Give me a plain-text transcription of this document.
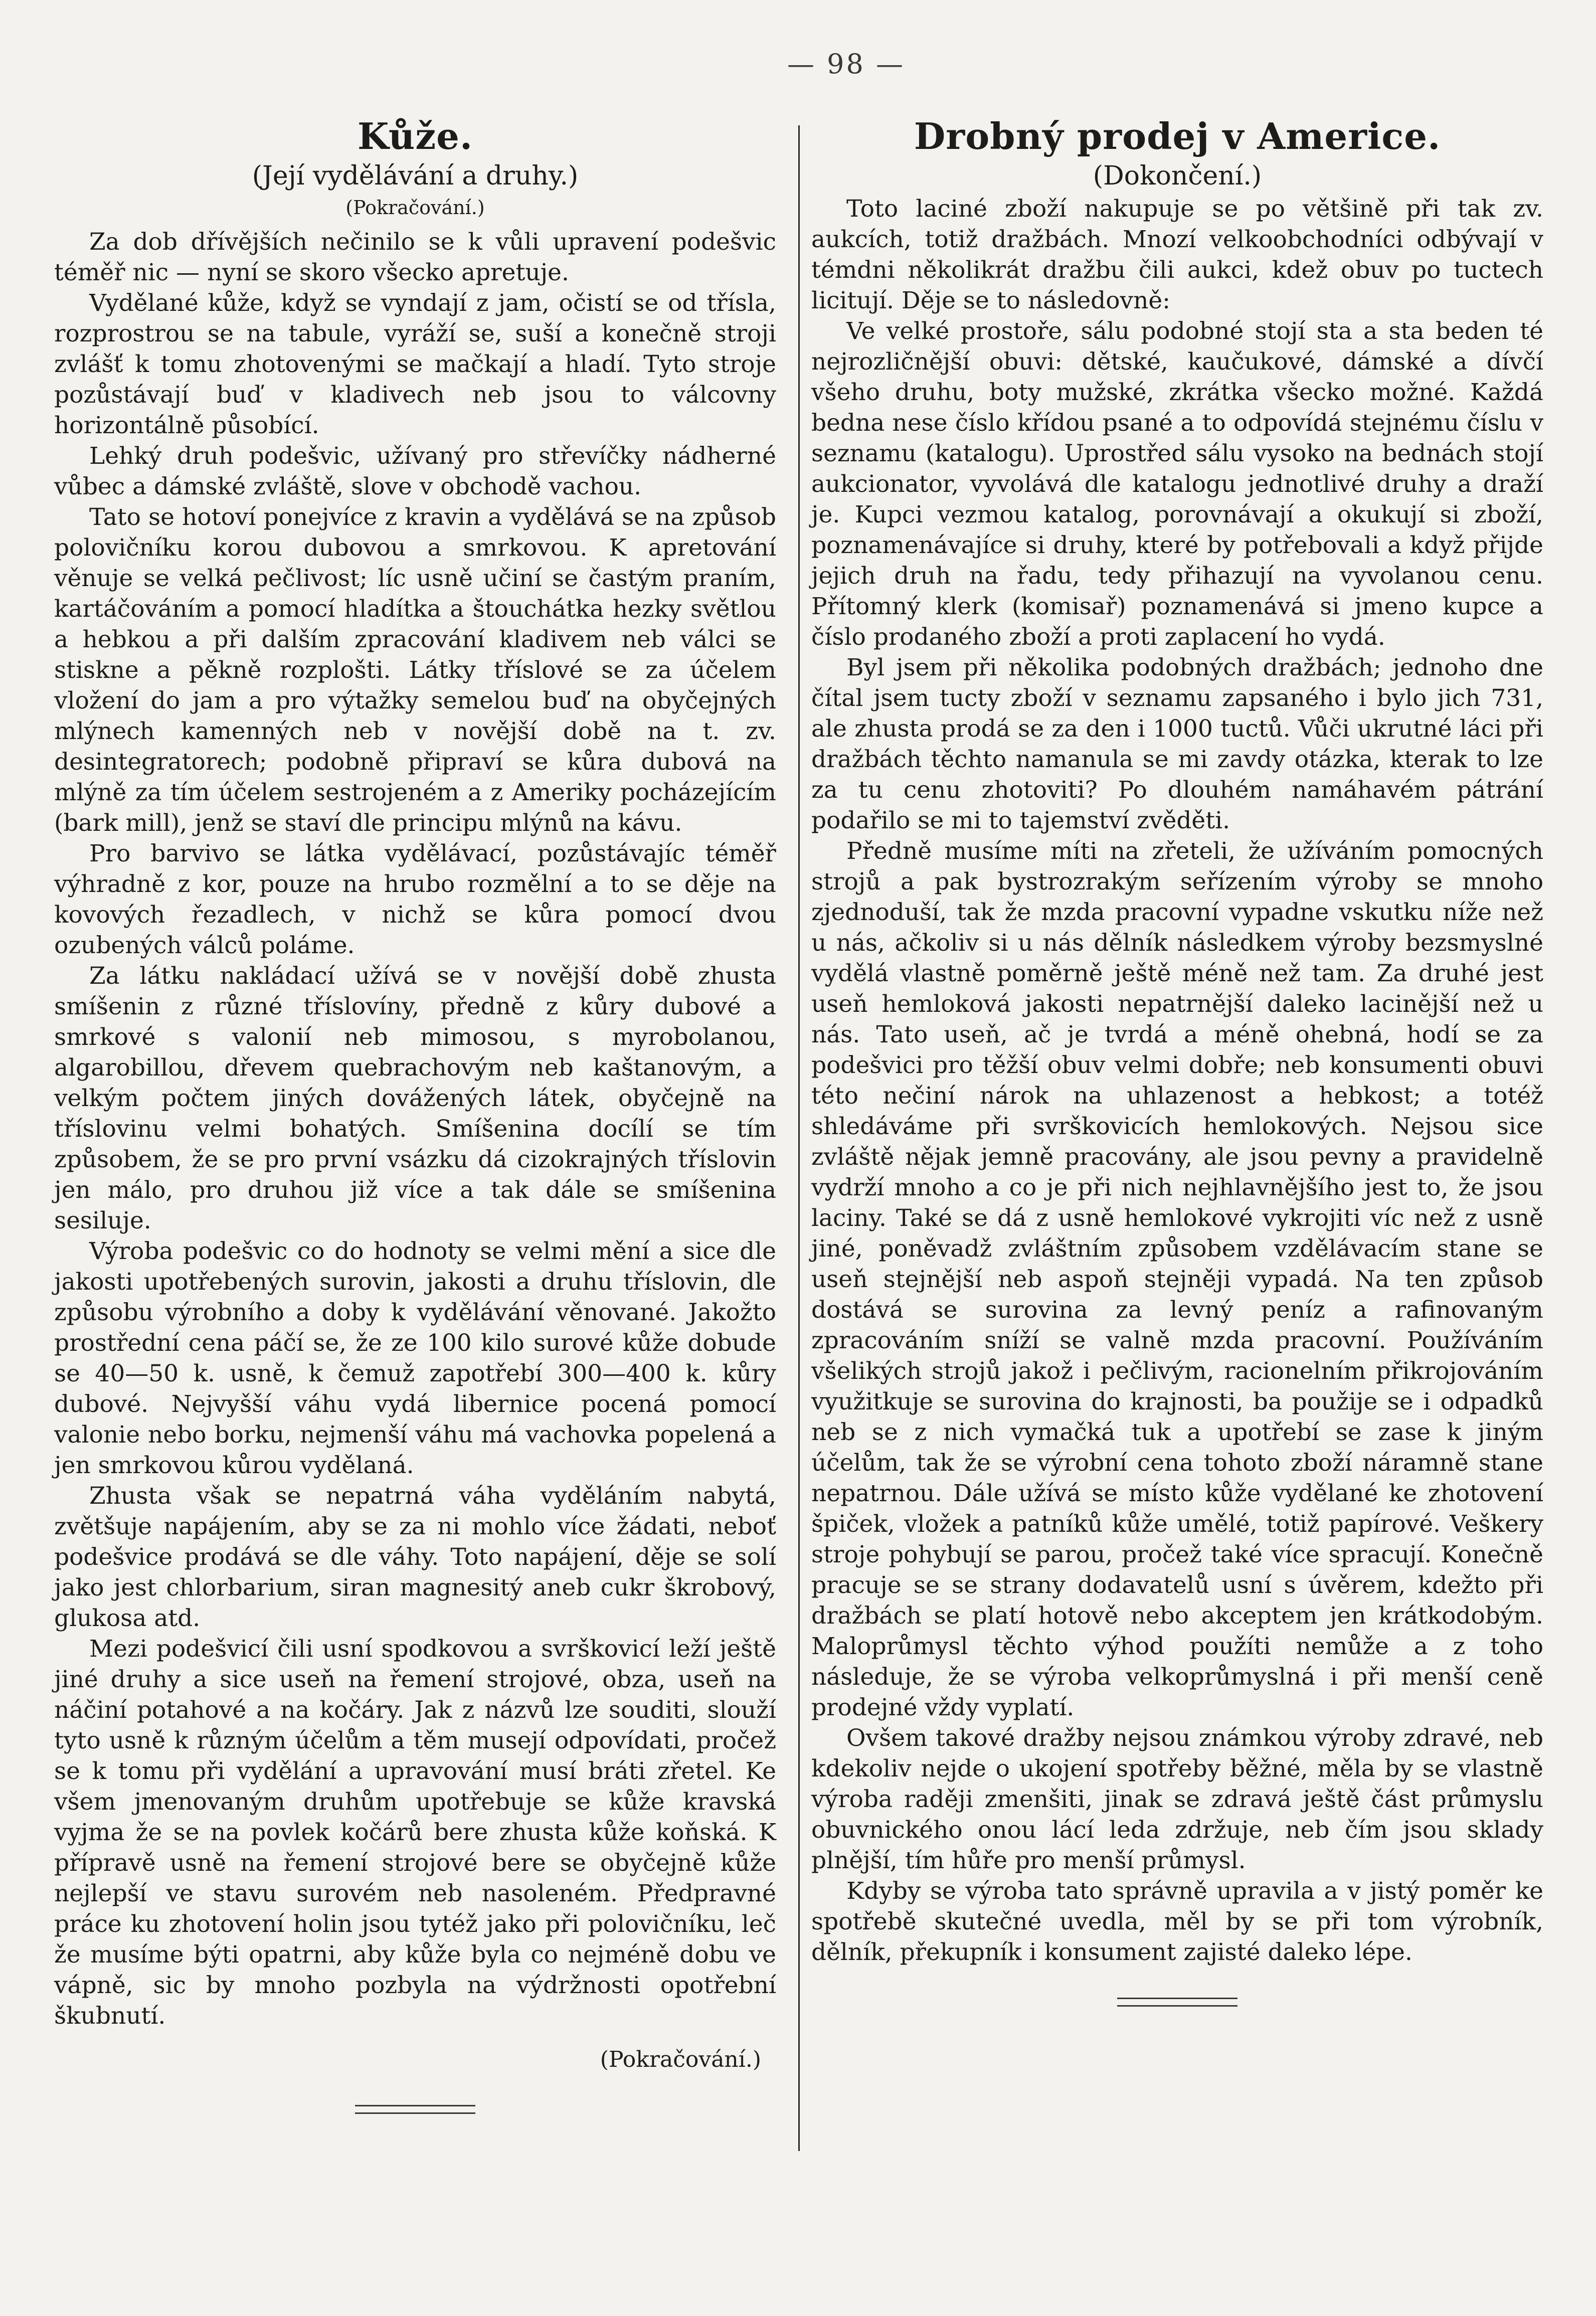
— 98 —
Kůže.
(Její vydělávání a druhy.)
(Pokračování.)

Za dob dřívějších nečinilo se k vůli upravení podešvic téměř nic — nyní se skoro všecko apretuje.

Vydělané kůže, když se vyndají z jam, očistí se od třísla, rozprostrou se na tabule, vyráží se, suší a konečně stroji zvlášť k tomu zhotovenými se mačkají a hladí. Tyto stroje pozůstávají buď v kladivech neb jsou to válcovny horizontálně působící.

Lehký druh podešvic, užívaný pro střevíčky nádherné vůbec a dámské zvláště, slove v obchodě vachou.

Tato se hotoví ponejvíce z kravin a vydělává se na způsob polovičníku korou dubovou a smrkovou. K apretování věnuje se velká pečlivost; líc usně učiní se častým praním, kartáčováním a pomocí hladítka a štouchátka hezky světlou a hebkou a při dalším zpracování kladivem neb válci se stiskne a pěkně rozplošti. Látky tříslové se za účelem vložení do jam a pro výtažky semelou buď na obyčejných mlýnech kamenných neb v novější době na t. zv. desintegratorech; podobně připraví se kůra dubová na mlýně za tím účelem sestrojeném a z Ameriky pocházejícím (bark mill), jenž se staví dle principu mlýnů na kávu.

Pro barvivo se látka vydělávací, pozůstávajíc téměř výhradně z kor, pouze na hrubo rozmělní a to se děje na kovových řezadlech, v nichž se kůra pomocí dvou ozubených válců poláme.

Za látku nakládací užívá se v novější době zhusta smíšenin z různé tříslovíny, předně z kůry dubové a smrkové s valonií neb mimosou, s myrobolanou, algarobillou, dřevem quebrachovým neb kaštanovým, a velkým počtem jiných dovážených látek, obyčejně na tříslovinu velmi bohatých. Smíšenina docílí se tím způsobem, že se pro první vsázku dá cizokrajných tříslovin jen málo, pro druhou již více a tak dále se smíšenina sesiluje.

Výroba podešvic co do hodnoty se velmi mění a sice dle jakosti upotřebených surovin, jakosti a druhu tříslovin, dle způsobu výrobního a doby k vydělávání věnované. Jakožto prostřední cena páčí se, že ze 100 kilo surové kůže dobude se 40—50 k. usně, k čemuž zapotřebí 300—400 k. kůry dubové. Nejvyšší váhu vydá libernice pocená pomocí valonie nebo borku, nejmenší váhu má vachovka popelená a jen smrkovou kůrou vydělaná.

Zhusta však se nepatrná váha vyděláním nabytá, zvětšuje napájením, aby se za ni mohlo více žádati, neboť podešvice prodává se dle váhy. Toto napájení, děje se solí jako jest chlorbarium, siran magnesitý aneb cukr škrobový, glukosa atd.

Mezi podešvicí čili usní spodkovou a svrškovicí leží ještě jiné druhy a sice useň na řemení strojové, obza, useň na náčiní potahové a na kočáry. Jak z názvů lze souditi, slouží tyto usně k různým účelům a těm musejí odpovídati, pročež se k tomu při vydělání a upravování musí bráti zřetel. Ke všem jmenovaným druhům upotřebuje se kůže kravská vyjma že se na povlek kočárů bere zhusta kůže koňská. K přípravě usně na řemení strojové bere se obyčejně kůže nejlepší ve stavu surovém neb nasoleném. Předpravné práce ku zhotovení holin jsou tytéž jako při polovičníku, leč že musíme býti opatrni, aby kůže byla co nejméně dobu ve vápně, sic by mnoho pozbyla na výdržnosti opotřební škubnutí.

(Pokračování.)
Drobný prodej v Americe.
(Dokončení.)

Toto laciné zboží nakupuje se po většině při tak zv. aukcích, totiž dražbách. Mnozí velkoobchodníci odbývají v témdni několikrát dražbu čili aukci, kdež obuv po tuctech licitují. Děje se to následovně:

Ve velké prostoře, sálu podobné stojí sta a sta beden té nejrozličnější obuvi: dětské, kaučukové, dámské a dívčí všeho druhu, boty mužské, zkrátka všecko možné. Každá bedna nese číslo křídou psané a to odpovídá stejnému číslu v seznamu (katalogu). Uprostřed sálu vysoko na bednách stojí aukcionator, vyvolává dle katalogu jednotlivé druhy a draží je. Kupci vezmou katalog, porovnávají a okukují si zboží, poznamenávajíce si druhy, které by potřebovali a když přijde jejich druh na řadu, tedy přihazují na vyvolanou cenu. Přítomný klerk (komisař) poznamenává si jmeno kupce a číslo prodaného zboží a proti zaplacení ho vydá.

Byl jsem při několika podobných dražbách; jednoho dne čítal jsem tucty zboží v seznamu zapsaného i bylo jich 731, ale zhusta prodá se za den i 1000 tuctů. Vůči ukrutné láci při dražbách těchto namanula se mi zavdy otázka, kterak to lze za tu cenu zhotoviti? Po dlouhém namáhavém pátrání podařilo se mi to tajemství zvěděti.

Předně musíme míti na zřeteli, že užíváním pomocných strojů a pak bystrozrakým seřízením výroby se mnoho zjednoduší, tak že mzda pracovní vypadne vskutku níže než u nás, ačkoliv si u nás dělník následkem výroby bezsmyslné vydělá vlastně poměrně ještě méně než tam. Za druhé jest useň hemloková jakosti nepatrnější daleko lacinější než u nás. Tato useň, ač je tvrdá a méně ohebná, hodí se za podešvici pro těžší obuv velmi dobře; neb konsumenti obuvi této nečiní nárok na uhlazenost a hebkost; a totéž shledáváme při svrškovicích hemlokových. Nejsou sice zvláště nějak jemně pracovány, ale jsou pevny a pravidelně vydrží mnoho a co je při nich nejhlavnějšího jest to, že jsou laciny. Také se dá z usně hemlokové vykrojiti víc než z usně jiné, poněvadž zvláštním způsobem vzdělávacím stane se useň stejnější neb aspoň stejněji vypadá. Na ten způsob dostává se surovina za levný peníz a rafinovaným zpracováním sníží se valně mzda pracovní. Používáním všelikých strojů jakož i pečlivým, racionelním přikrojováním využitkuje se surovina do krajnosti, ba použije se i odpadků neb se z nich vymačká tuk a upotřebí se zase k jiným účelům, tak že se výrobní cena tohoto zboží náramně stane nepatrnou. Dále užívá se místo kůže vydělané ke zhotovení špiček, vložek a patníků kůže umělé, totiž papírové. Veškery stroje pohybují se parou, pročež také více spracují. Konečně pracuje se se strany dodavatelů usní s úvěrem, kdežto při dražbách se platí hotově nebo akceptem jen krátkodobým. Maloprůmysl těchto výhod použíti nemůže a z toho následuje, že se výroba velkoprůmyslná i při menší ceně prodejné vždy vyplatí.

Ovšem takové dražby nejsou známkou výroby zdravé, neb kdekoliv nejde o ukojení spotřeby běžné, měla by se vlastně výroba raději zmenšiti, jinak se zdravá ještě část průmyslu obuvnického onou lácí leda zdržuje, neb čím jsou sklady plnější, tím hůře pro menší průmysl.

Kdyby se výroba tato správně upravila a v jistý poměr ke spotřebě skutečné uvedla, měl by se při tom výrobník, dělník, překupník i konsument zajisté daleko lépe.
